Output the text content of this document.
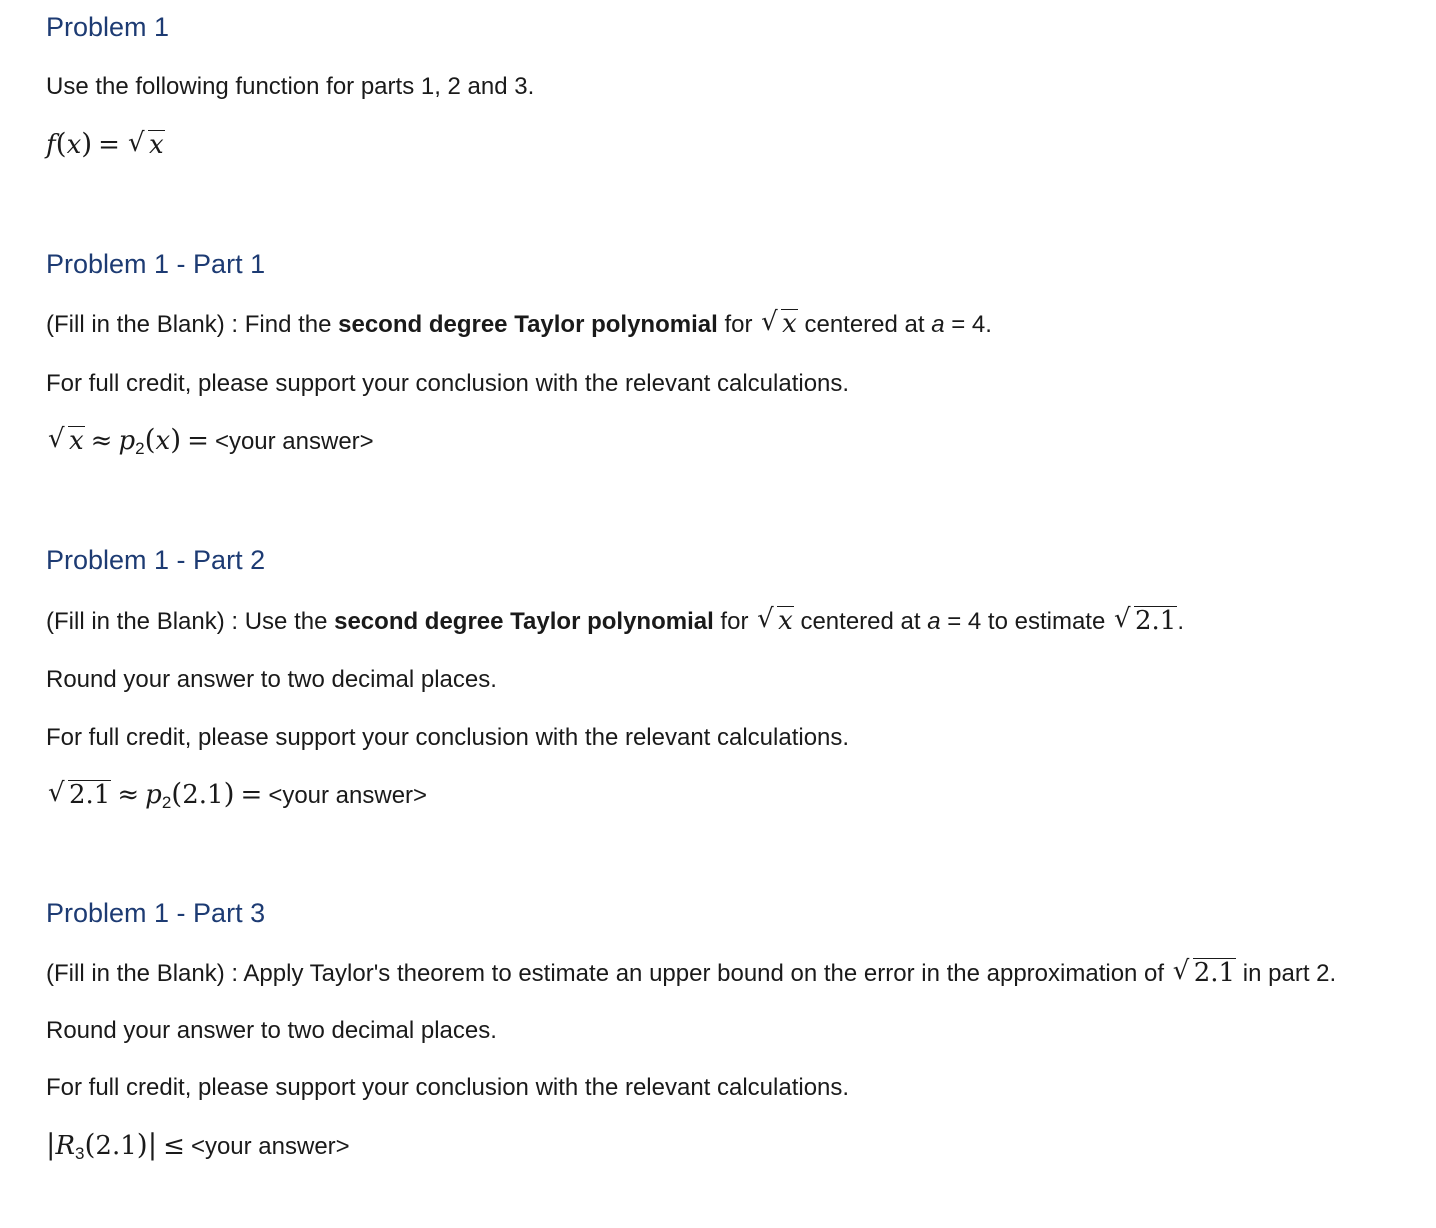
Problem 1
Use the following function for parts 1, 2 and 3.
f(x) = √ x
Problem 1 - Part 1
(Fill in the Blank) : Find the second degree Taylor polynomial for √ x centered at a = 4.
For full credit, please support your conclusion with the relevant calculations.
√ $x \approx p_2(x)$ = <your answer>
Problem 1 - Part 2
(Fill in the Blank) : Use the second degree Taylor polynomial for √ x centered at a = 4 to estimate √ 2.1.
Round your answer to two decimal places.
For full credit, please support your conclusion with the relevant calculations.
√ $2.1 \approx p_2(2.1)$ = <your answer>
Problem 1 - Part 3
(Fill in the Blank) : Apply Taylor's theorem to estimate an upper bound on the error in the approximation of √ 2.1 in part 2.
Round your answer to two decimal places.
For full credit, please support your conclusion with the relevant calculations.
$|R_3(2.1)|$ ≤ <your answer>
